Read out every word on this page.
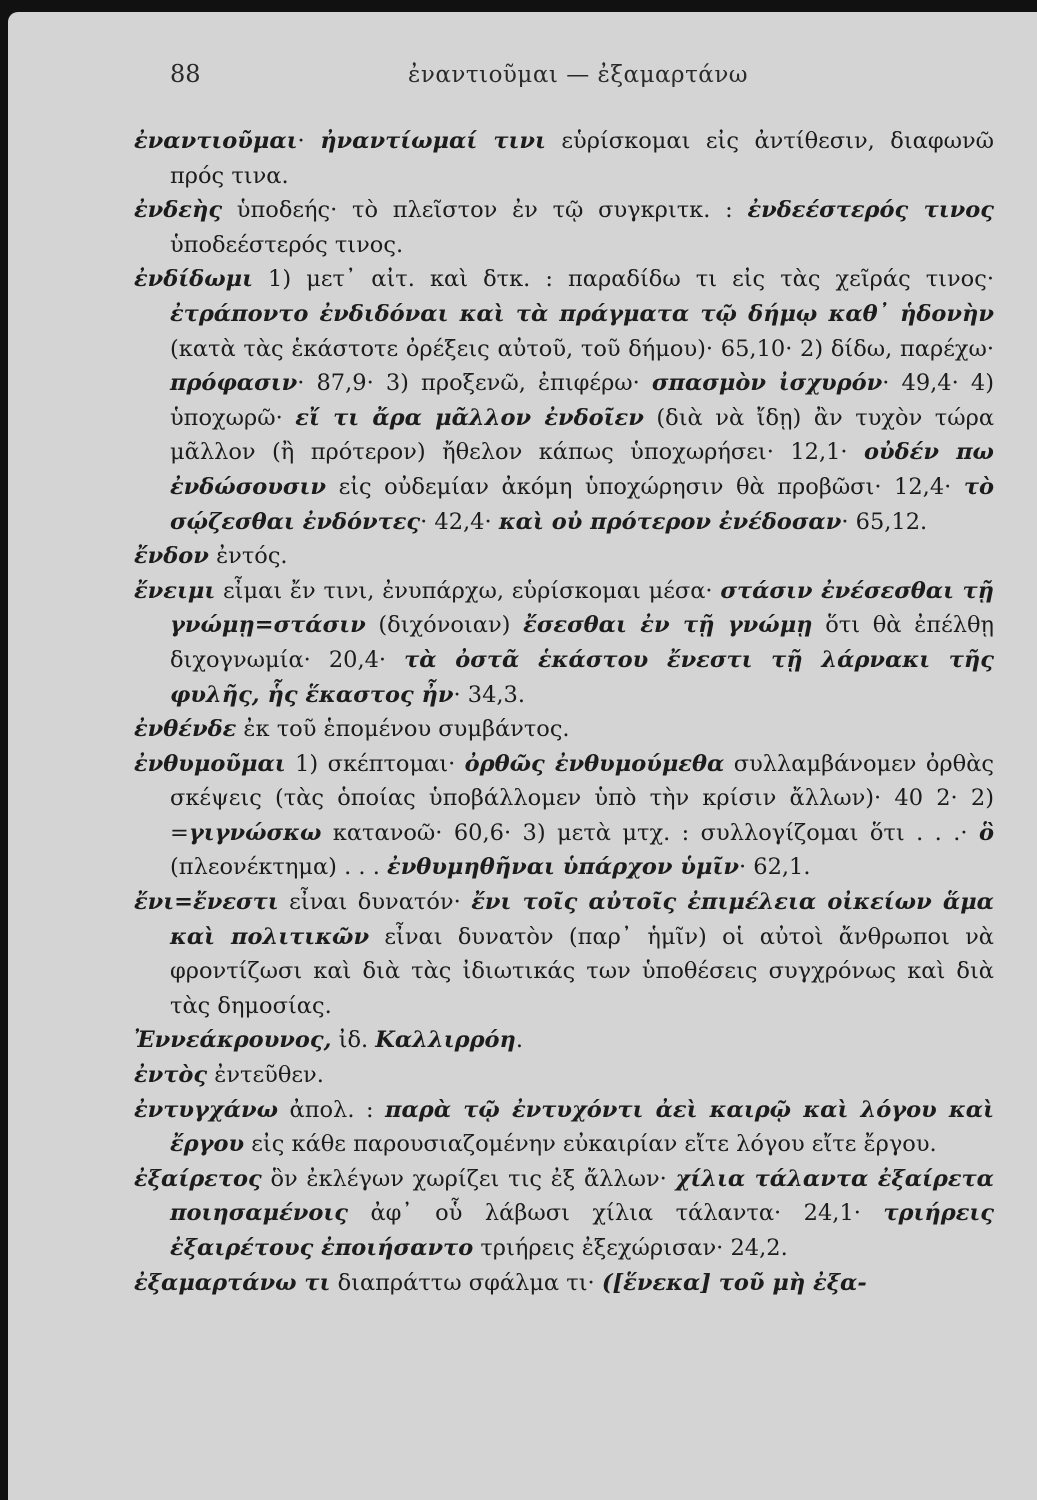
88	ἐναντιοῦμαι — ἐξαμαρτάνω

ἐναντιοῦμαι· ἠναντίωμαί τινι εὑρίσκομαι εἰς ἀντίθεσιν, διαφωνῶ πρός τινα.

ἐνδεὴς ὑποδεής· τὸ πλεῖστον ἐν τῷ συγκριτκ. : ἐνδεέστερός τινος ὑποδεέστερός τινος.

ἐνδίδωμι 1) μετ᾽ αἰτ. καὶ δτκ. : παραδίδω τι εἰς τὰς χεῖράς τινος· ἐτράποντο ἐνδιδόναι καὶ τὰ πράγματα τῷ δήμῳ καθ᾽ ἡδονὴν (κατὰ τὰς ἑκάστοτε ὀρέξεις αὐτοῦ, τοῦ δήμου)· 65,10· 2) δίδω, παρέχω· πρόφασιν· 87,9· 3) προξενῶ, ἐπιφέρω· σπασμὸν ἰσχυρόν· 49,4· 4) ὑποχωρῶ· εἴ τι ἄρα μᾶλλον ἐνδοῖεν (διὰ νὰ ἴδῃ) ἂν τυχὸν τώρα μᾶλλον (ἢ πρότερον) ἤθελον κάπως ὑποχωρήσει· 12,1· οὐδέν πω ἐνδώσουσιν εἰς οὐδεμίαν ἀκόμη ὑποχώρησιν θὰ προβῶσι· 12,4· τὸ σῴζεσθαι ἐνδόντες· 42,4· καὶ οὐ πρότερον ἐνέδοσαν· 65,12.

ἔνδον ἐντός.

ἔνειμι εἶμαι ἔν τινι, ἐνυπάρχω, εὑρίσκομαι μέσα· στάσιν ἐνέσεσθαι τῇ γνώμῃ=στάσιν (διχόνοιαν) ἔσεσθαι ἐν τῇ γνώμῃ ὅτι θὰ ἐπέλθῃ διχογνωμία· 20,4· τὰ ὀστᾶ ἑκάστου ἔνεστι τῇ λάρνακι τῆς φυλῆς, ἧς ἕκαστος ἦν· 34,3.

ἐνθένδε ἐκ τοῦ ἑπομένου συμβάντος.

ἐνθυμοῦμαι 1) σκέπτομαι· ὀρθῶς ἐνθυμούμεθα συλλαμβάνομεν ὀρθὰς σκέψεις (τὰς ὁποίας ὑποβάλλομεν ὑπὸ τὴν κρίσιν ἄλλων)· 40 2· 2) =γιγνώσκω κατανοῶ· 60,6· 3) μετὰ μτχ. : συλλογίζομαι ὅτι . . .· ὃ (πλεονέκτημα) . . . ἐνθυμηθῆναι ὑπάρχον ὑμῖν· 62,1.

ἔνι=ἔνεστι εἶναι δυνατόν· ἔνι τοῖς αὐτοῖς ἐπιμέλεια οἰκείων ἅμα καὶ πολιτικῶν εἶναι δυνατὸν (παρ᾽ ἡμῖν) οἱ αὐτοὶ ἄνθρωποι νὰ φροντίζωσι καὶ διὰ τὰς ἰδιωτικάς των ὑποθέσεις συγχρόνως καὶ διὰ τὰς δημοσίας.

Ἐννεάκρουνος, ἰδ. Καλλιρρόη.

ἐντὸς ἐντεῦθεν.

ἐντυγχάνω ἀπολ. : παρὰ τῷ ἐντυχόντι ἀεὶ καιρῷ καὶ λόγου καὶ ἔργου εἰς κάθε παρουσιαζομένην εὐκαιρίαν εἴτε λόγου εἴτε ἔργου.

ἐξαίρετος ὃν ἐκλέγων χωρίζει τις ἐξ ἄλλων· χίλια τάλαντα ἐξαίρετα ποιησαμένοις ἀφ᾽ οὗ λάβωσι χίλια τάλαντα· 24,1· τριήρεις ἐξαιρέτους ἐποιήσαντο τριήρεις ἐξεχώρισαν· 24,2.

ἐξαμαρτάνω τι διαπράττω σφάλμα τι· ([ἕνεκα] τοῦ μὴ ἐξα-
